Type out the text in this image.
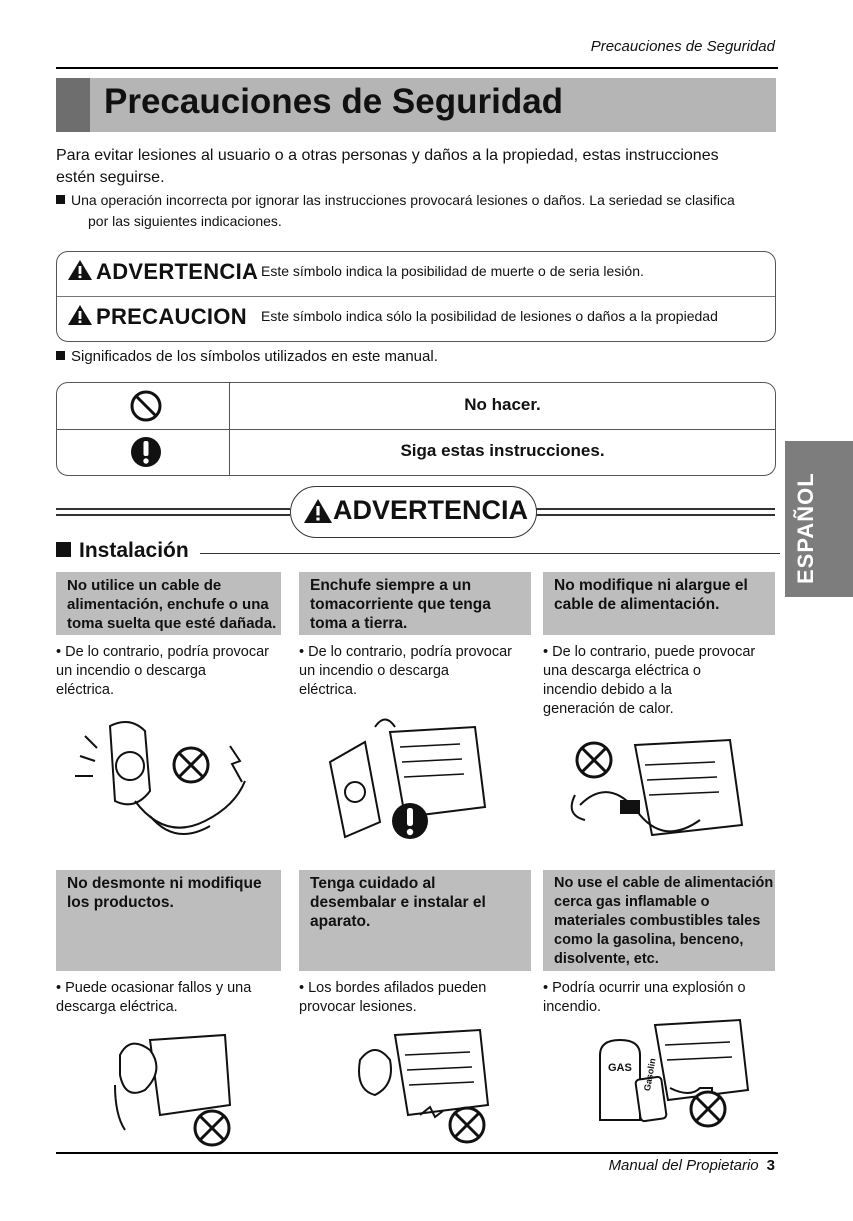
Precauciones de Seguridad
Precauciones de Seguridad
Para evitar lesiones al usuario o a otras personas y daños a la propiedad, estas instrucciones
estén seguirse.
Una operación incorrecta por ignorar las instrucciones provocará lesiones o daños. La seriedad se clasifica
por las siguientes indicaciones.
ADVERTENCIA Este símbolo indica la posibilidad de muerte o de seria lesión.
PRECAUCION Este símbolo indica sólo la posibilidad de lesiones o daños a la propiedad
Significados de los símbolos utilizados en este manual.
No hacer.
Siga estas instrucciones.
ADVERTENCIA
Instalación	ESPAÑOL
No utilice un cable de
alimentación, enchufe o una
toma suelta que esté dañada.
• De lo contrario, podría provocar
un incendio o descarga
eléctrica.
Enchufe siempre a un
tomacorriente que tenga
toma a tierra.
• De lo contrario, podría provocar
un incendio o descarga
eléctrica.
No modifique ni alargue el
cable de alimentación.
• De lo contrario, puede provocar
una descarga eléctrica o
incendio debido a la
generación de calor.
No desmonte ni modifique
los productos.
• Puede ocasionar fallos y una
descarga eléctrica.
Tenga cuidado al
desembalar e instalar el
aparato.
• Los bordes afilados pueden
provocar lesiones.
No use el cable de alimentación
cerca gas inflamable o
materiales combustibles tales
como la gasolina, benceno,
disolvente, etc.
• Podría ocurrir una explosión o
incendio.
GAS Gasolin
Manual del Propietario 3
